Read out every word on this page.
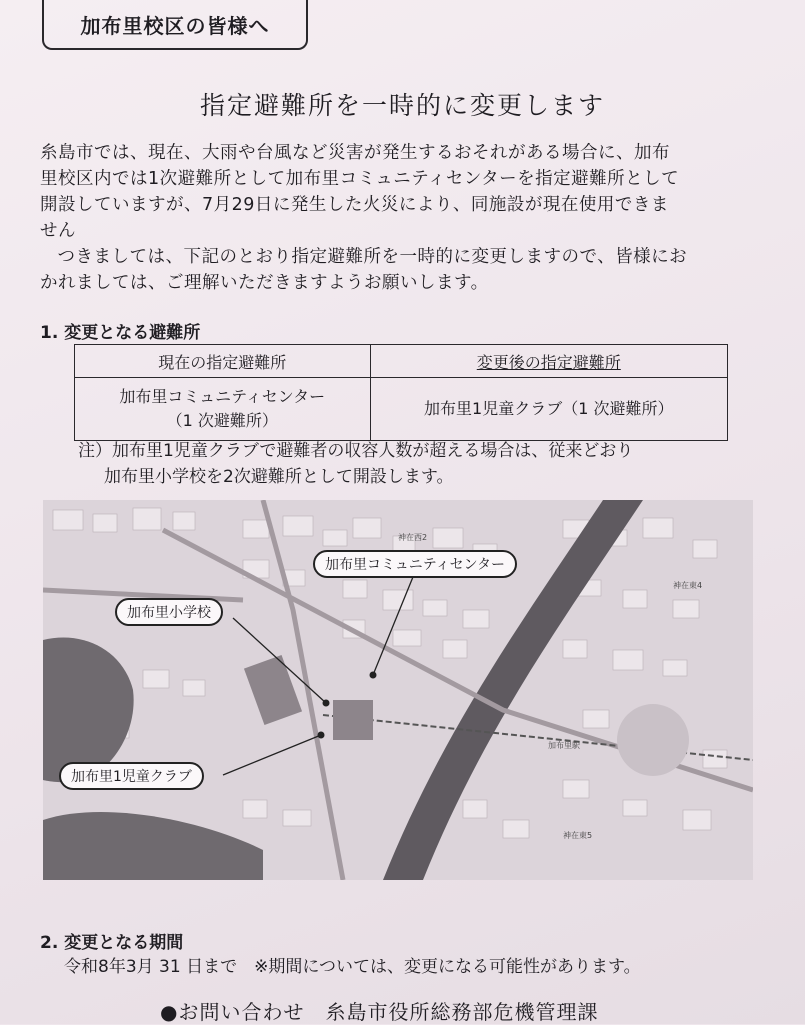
加布里校区の皆様へ
指定避難所を一時的に変更します

糸島市では、現在、大雨や台風など災害が発生するおそれがある場合に、加布

里校区内では1次避難所として加布里コミュニティセンターを指定避難所として

開設していますが、7月29日に発生した火災により、同施設が現在使用できま

せん

つきましては、下記のとおり指定避難所を一時的に変更しますので、皆様にお

かれましては、ご理解いただきますようお願いします。

1. 変更となる避難所
現在の指定避難所	変更後の指定避難所

加布里コミュニティセンター
（1 次避難所）	加布里1児童クラブ（1 次避難所）
注）加布里1児童クラブで避難者の収容人数が超える場合は、従来どおり
加布里小学校を2次避難所として開設します。
神在西2
神在東4
神在東5
加布里駅
加布里コミュニティセンター
加布里小学校
加布里1児童クラブ
2. 変更となる期間
令和8年3月 31 日まで　※期間については、変更になる可能性があります。
●お問い合わせ　糸島市役所総務部危機管理課
